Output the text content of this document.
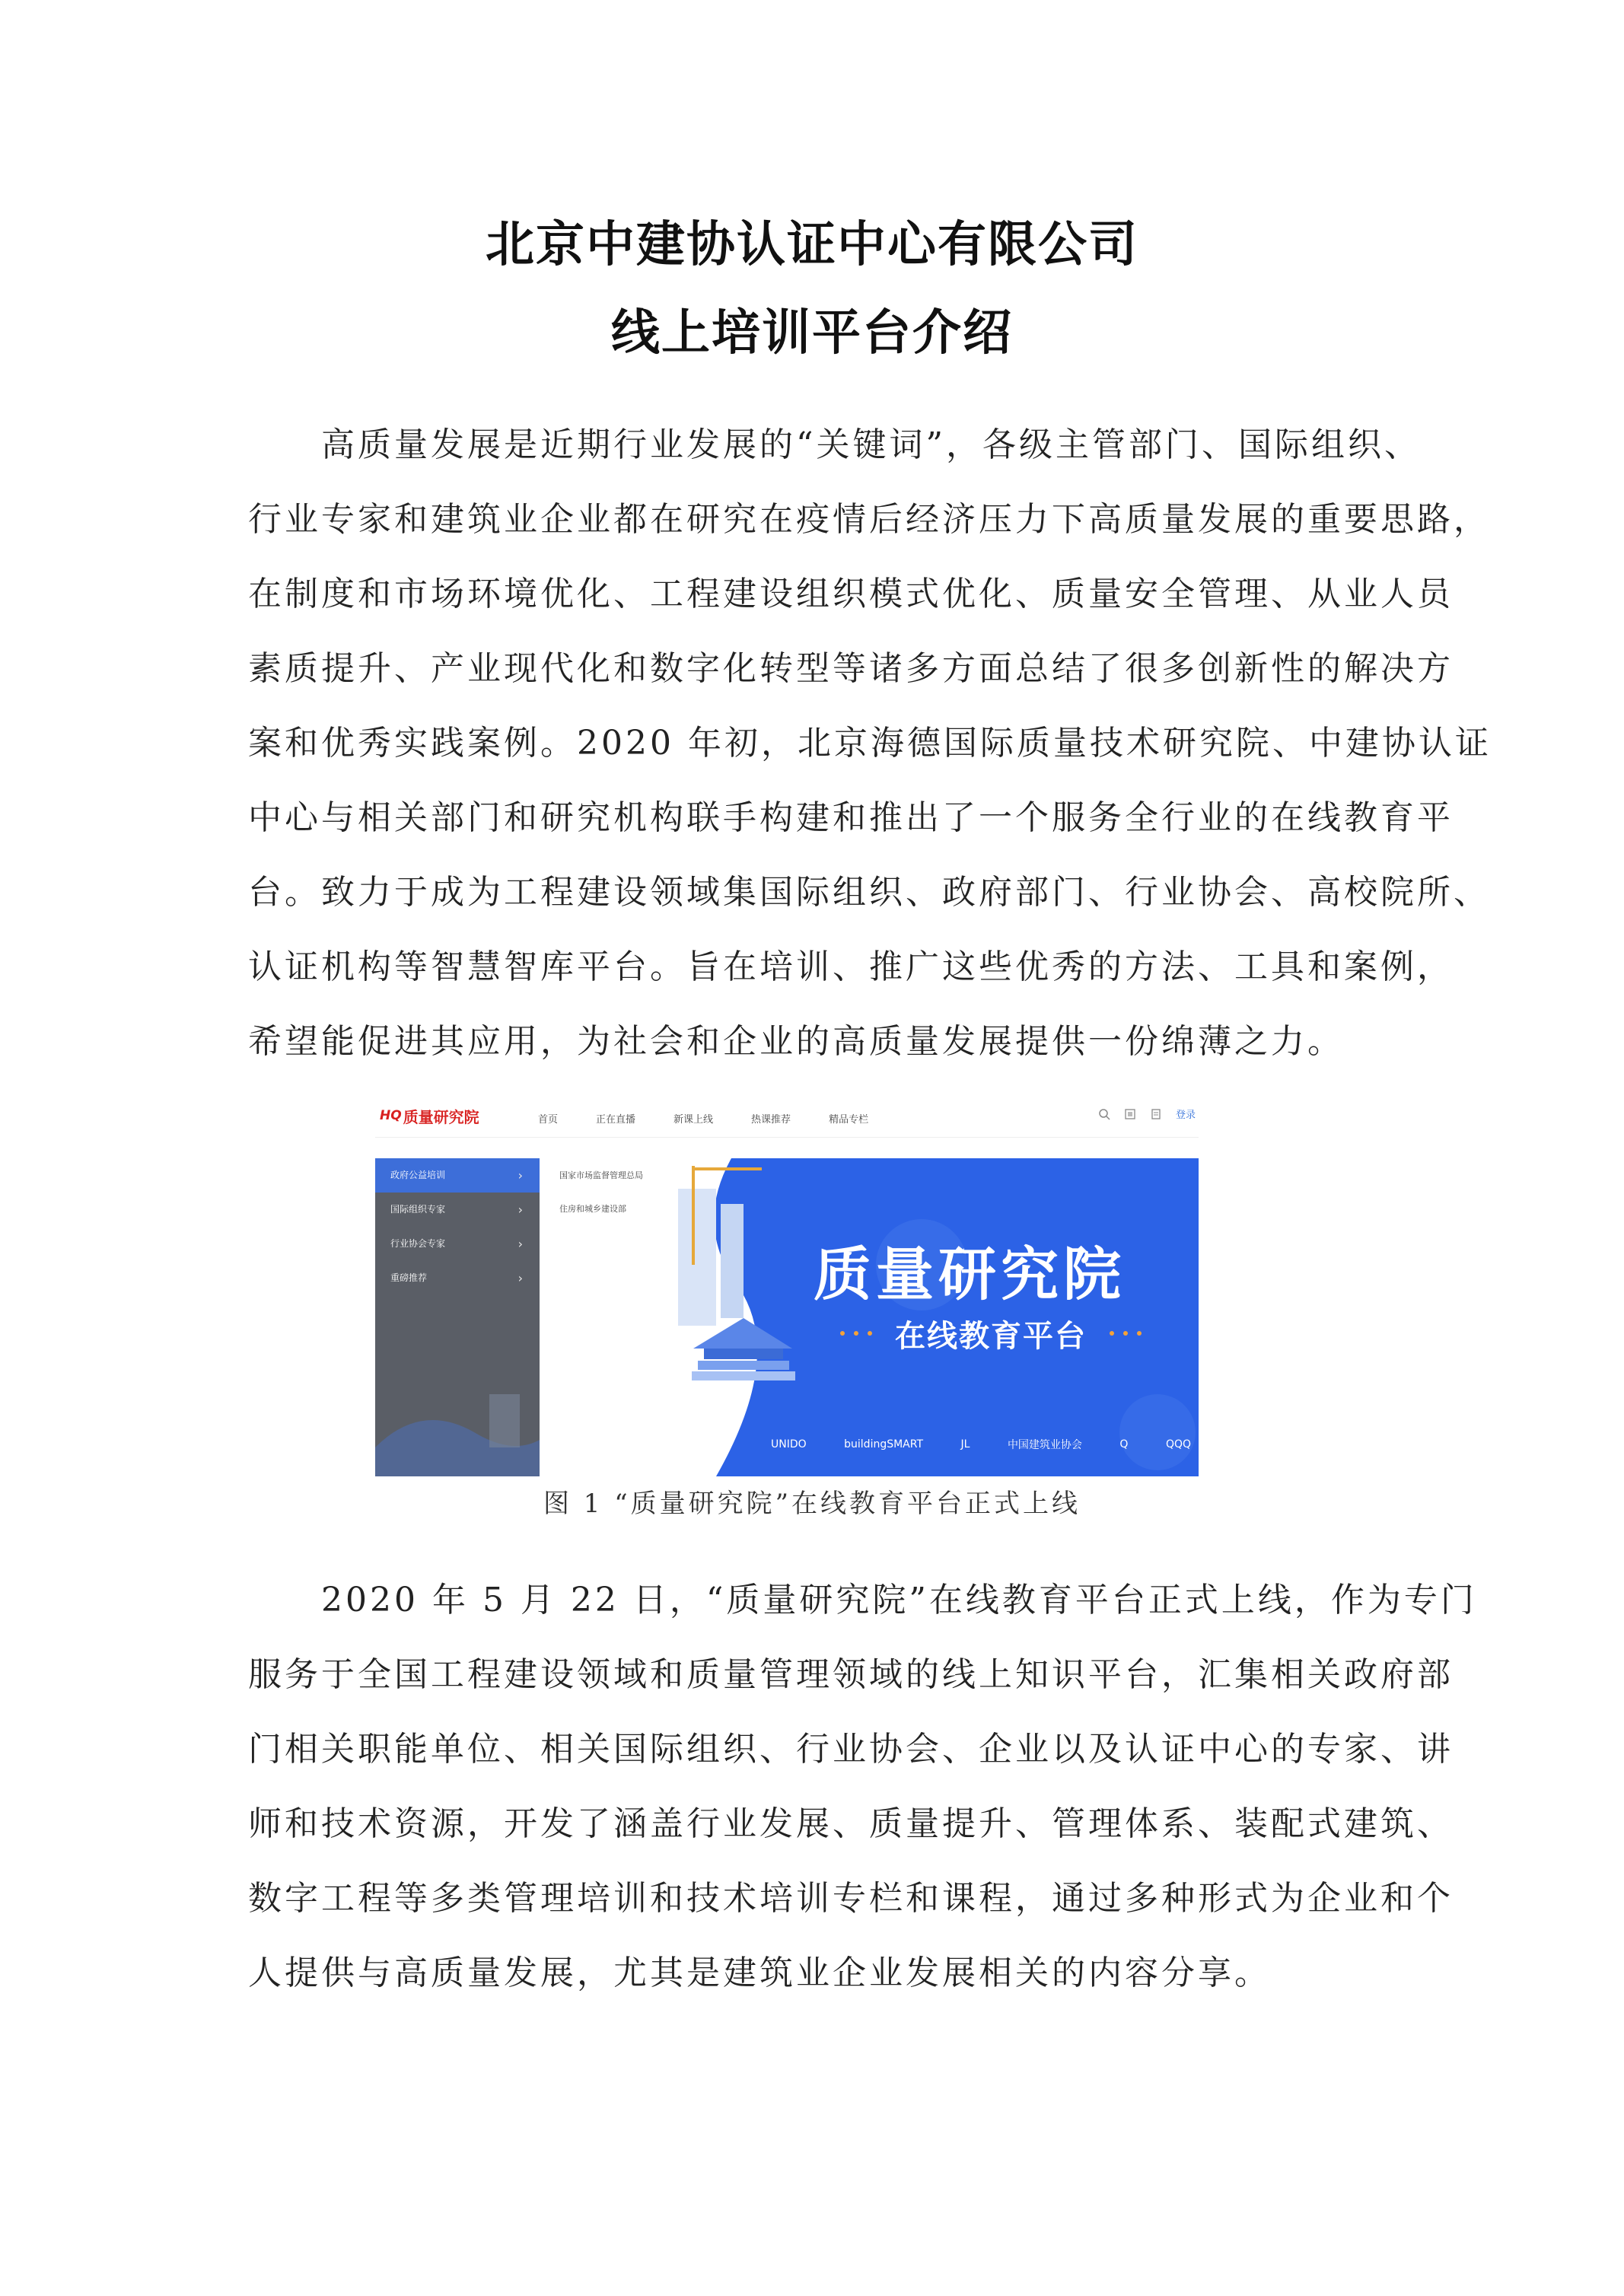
北京中建协认证中心有限公司
线上培训平台介绍
　　高质量发展是近期行业发展的“关键词”，各级主管部门、国际组织、
行业专家和建筑业企业都在研究在疫情后经济压力下高质量发展的重要思路，
在制度和市场环境优化、工程建设组织模式优化、质量安全管理、从业人员
素质提升、产业现代化和数字化转型等诸多方面总结了很多创新性的解决方
案和优秀实践案例。2020 年初，北京海德国际质量技术研究院、中建协认证
中心与相关部门和研究机构联手构建和推出了一个服务全行业的在线教育平
台。致力于成为工程建设领域集国际组织、政府部门、行业协会、高校院所、
认证机构等智慧智库平台。旨在培训、推广这些优秀的方法、工具和案例，
希望能促进其应用，为社会和企业的高质量发展提供一份绵薄之力。
HQ 质量研究院	首页	正在直播	新课上线	热课推荐	精品专栏	登录
政府公益培训	›
国际组织专家	›
行业协会专家	›
重磅推荐	›
国家市场监督管理总局
住房和城乡建设部
质量研究院
在线教育平台
UNIDO	buildingSMART	JL	中国建筑业协会	Q	QQQ
图 1 “质量研究院”在线教育平台正式上线
　　2020 年 5 月 22 日，“质量研究院”在线教育平台正式上线，作为专门
服务于全国工程建设领域和质量管理领域的线上知识平台，汇集相关政府部
门相关职能单位、相关国际组织、行业协会、企业以及认证中心的专家、讲
师和技术资源，开发了涵盖行业发展、质量提升、管理体系、装配式建筑、
数字工程等多类管理培训和技术培训专栏和课程，通过多种形式为企业和个
人提供与高质量发展，尤其是建筑业企业发展相关的内容分享。
